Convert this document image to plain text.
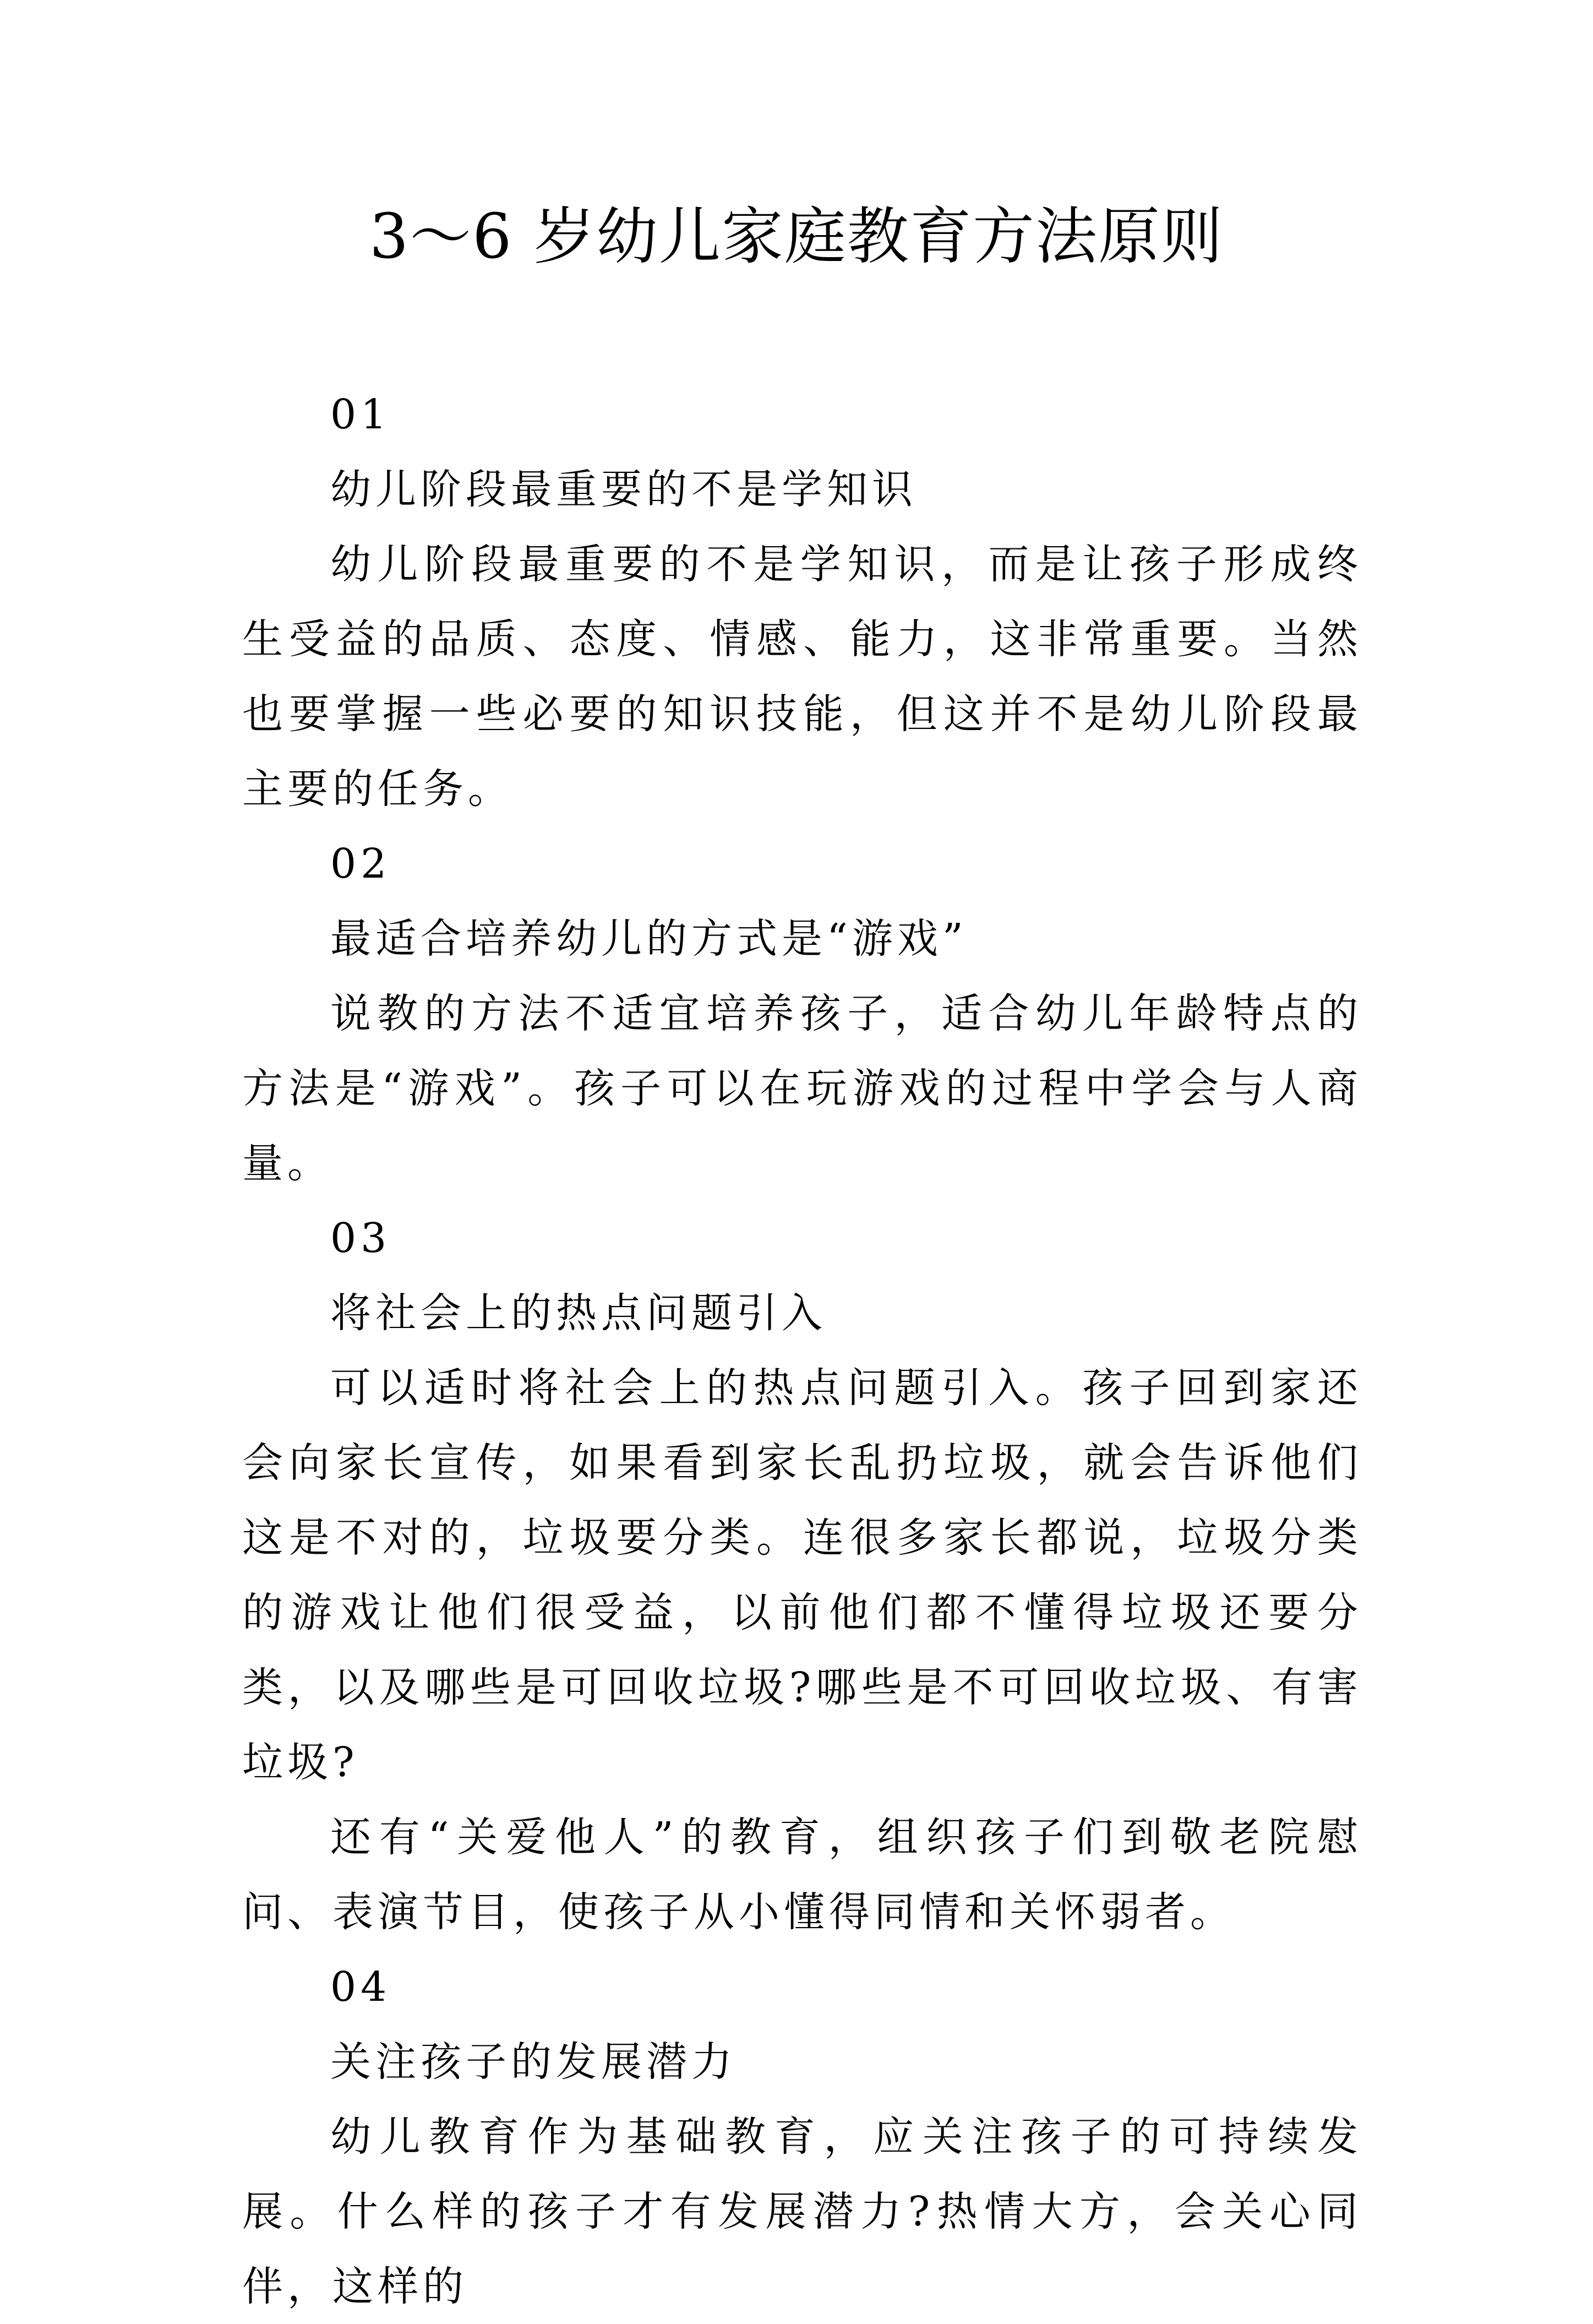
3～6 岁幼儿家庭教育方法原则

01

幼儿阶段最重要的不是学知识

幼儿阶段最重要的不是学知识，而是让孩子形成终生受益的品质、态度、情感、能力，这非常重要。当然也要掌握一些必要的知识技能，但这并不是幼儿阶段最主要的任务。

02

最适合培养幼儿的方式是“游戏”

说教的方法不适宜培养孩子，适合幼儿年龄特点的方法是“游戏”。孩子可以在玩游戏的过程中学会与人商量。

03

将社会上的热点问题引入

可以适时将社会上的热点问题引入。孩子回到家还会向家长宣传，如果看到家长乱扔垃圾，就会告诉他们这是不对的，垃圾要分类。连很多家长都说，垃圾分类的游戏让他们很受益，以前他们都不懂得垃圾还要分类，以及哪些是可回收垃圾?哪些是不可回收垃圾、有害垃圾?

还有“关爱他人”的教育，组织孩子们到敬老院慰问、表演节目，使孩子从小懂得同情和关怀弱者。

04

关注孩子的发展潜力

幼儿教育作为基础教育，应关注孩子的可持续发展。什么样的孩子才有发展潜力?热情大方，会关心同伴，这样的
